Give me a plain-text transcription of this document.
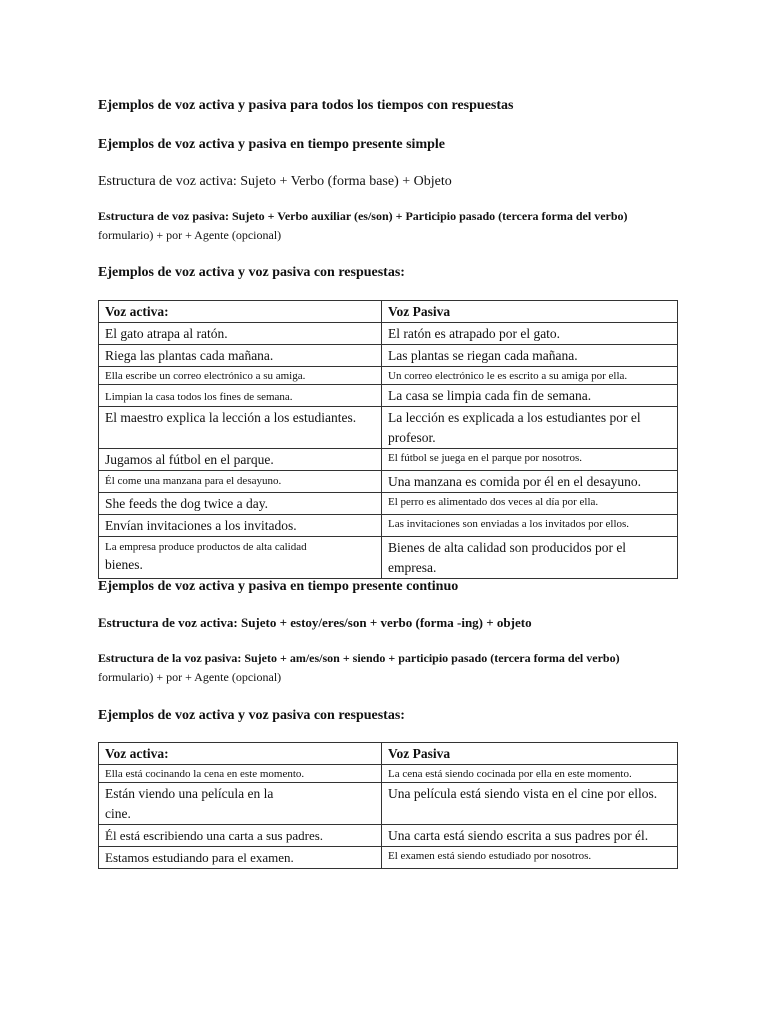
Ejemplos de voz activa y pasiva para todos los tiempos con respuestas
Ejemplos de voz activa y pasiva en tiempo presente simple
Estructura de voz activa: Sujeto + Verbo (forma base) + Objeto
Estructura de voz pasiva: Sujeto + Verbo auxiliar (es/son) + Participio pasado (tercera forma del verbo)
formulario) + por + Agente (opcional)
Ejemplos de voz activa y voz pasiva con respuestas:
Voz activa:	Voz Pasiva
El gato atrapa al ratón.	El ratón es atrapado por el gato.
Riega las plantas cada mañana.	Las plantas se riegan cada mañana.
Ella escribe un correo electrónico a su amiga.	Un correo electrónico le es escrito a su amiga por ella.
Limpian la casa todos los fines de semana.	La casa se limpia cada fin de semana.
El maestro explica la lección a los estudiantes.	La lección es explicada a los estudiantes por el profesor.
Jugamos al fútbol en el parque.	El fútbol se juega en el parque por nosotros.
Él come una manzana para el desayuno.	Una manzana es comida por él en el desayuno.
She feeds the dog twice a day.	El perro es alimentado dos veces al día por ella.
Envían invitaciones a los invitados.	Las invitaciones son enviadas a los invitados por ellos.

La empresa produce productos de alta calidad
bienes.	Bienes de alta calidad son producidos por el empresa.
Ejemplos de voz activa y pasiva en tiempo presente continuo
Estructura de voz activa: Sujeto + estoy/eres/son + verbo (forma -ing) + objeto
Estructura de la voz pasiva: Sujeto + am/es/son + siendo + participio pasado (tercera forma del verbo)
formulario) + por + Agente (opcional)
Ejemplos de voz activa y voz pasiva con respuestas:
Voz activa:	Voz Pasiva
Ella está cocinando la cena en este momento.	La cena está siendo cocinada por ella en este momento.
Están viendo una película en la cine.	Una película está siendo vista en el cine por ellos.
Él está escribiendo una carta a sus padres.	Una carta está siendo escrita a sus padres por él.
Estamos estudiando para el examen.	El examen está siendo estudiado por nosotros.
